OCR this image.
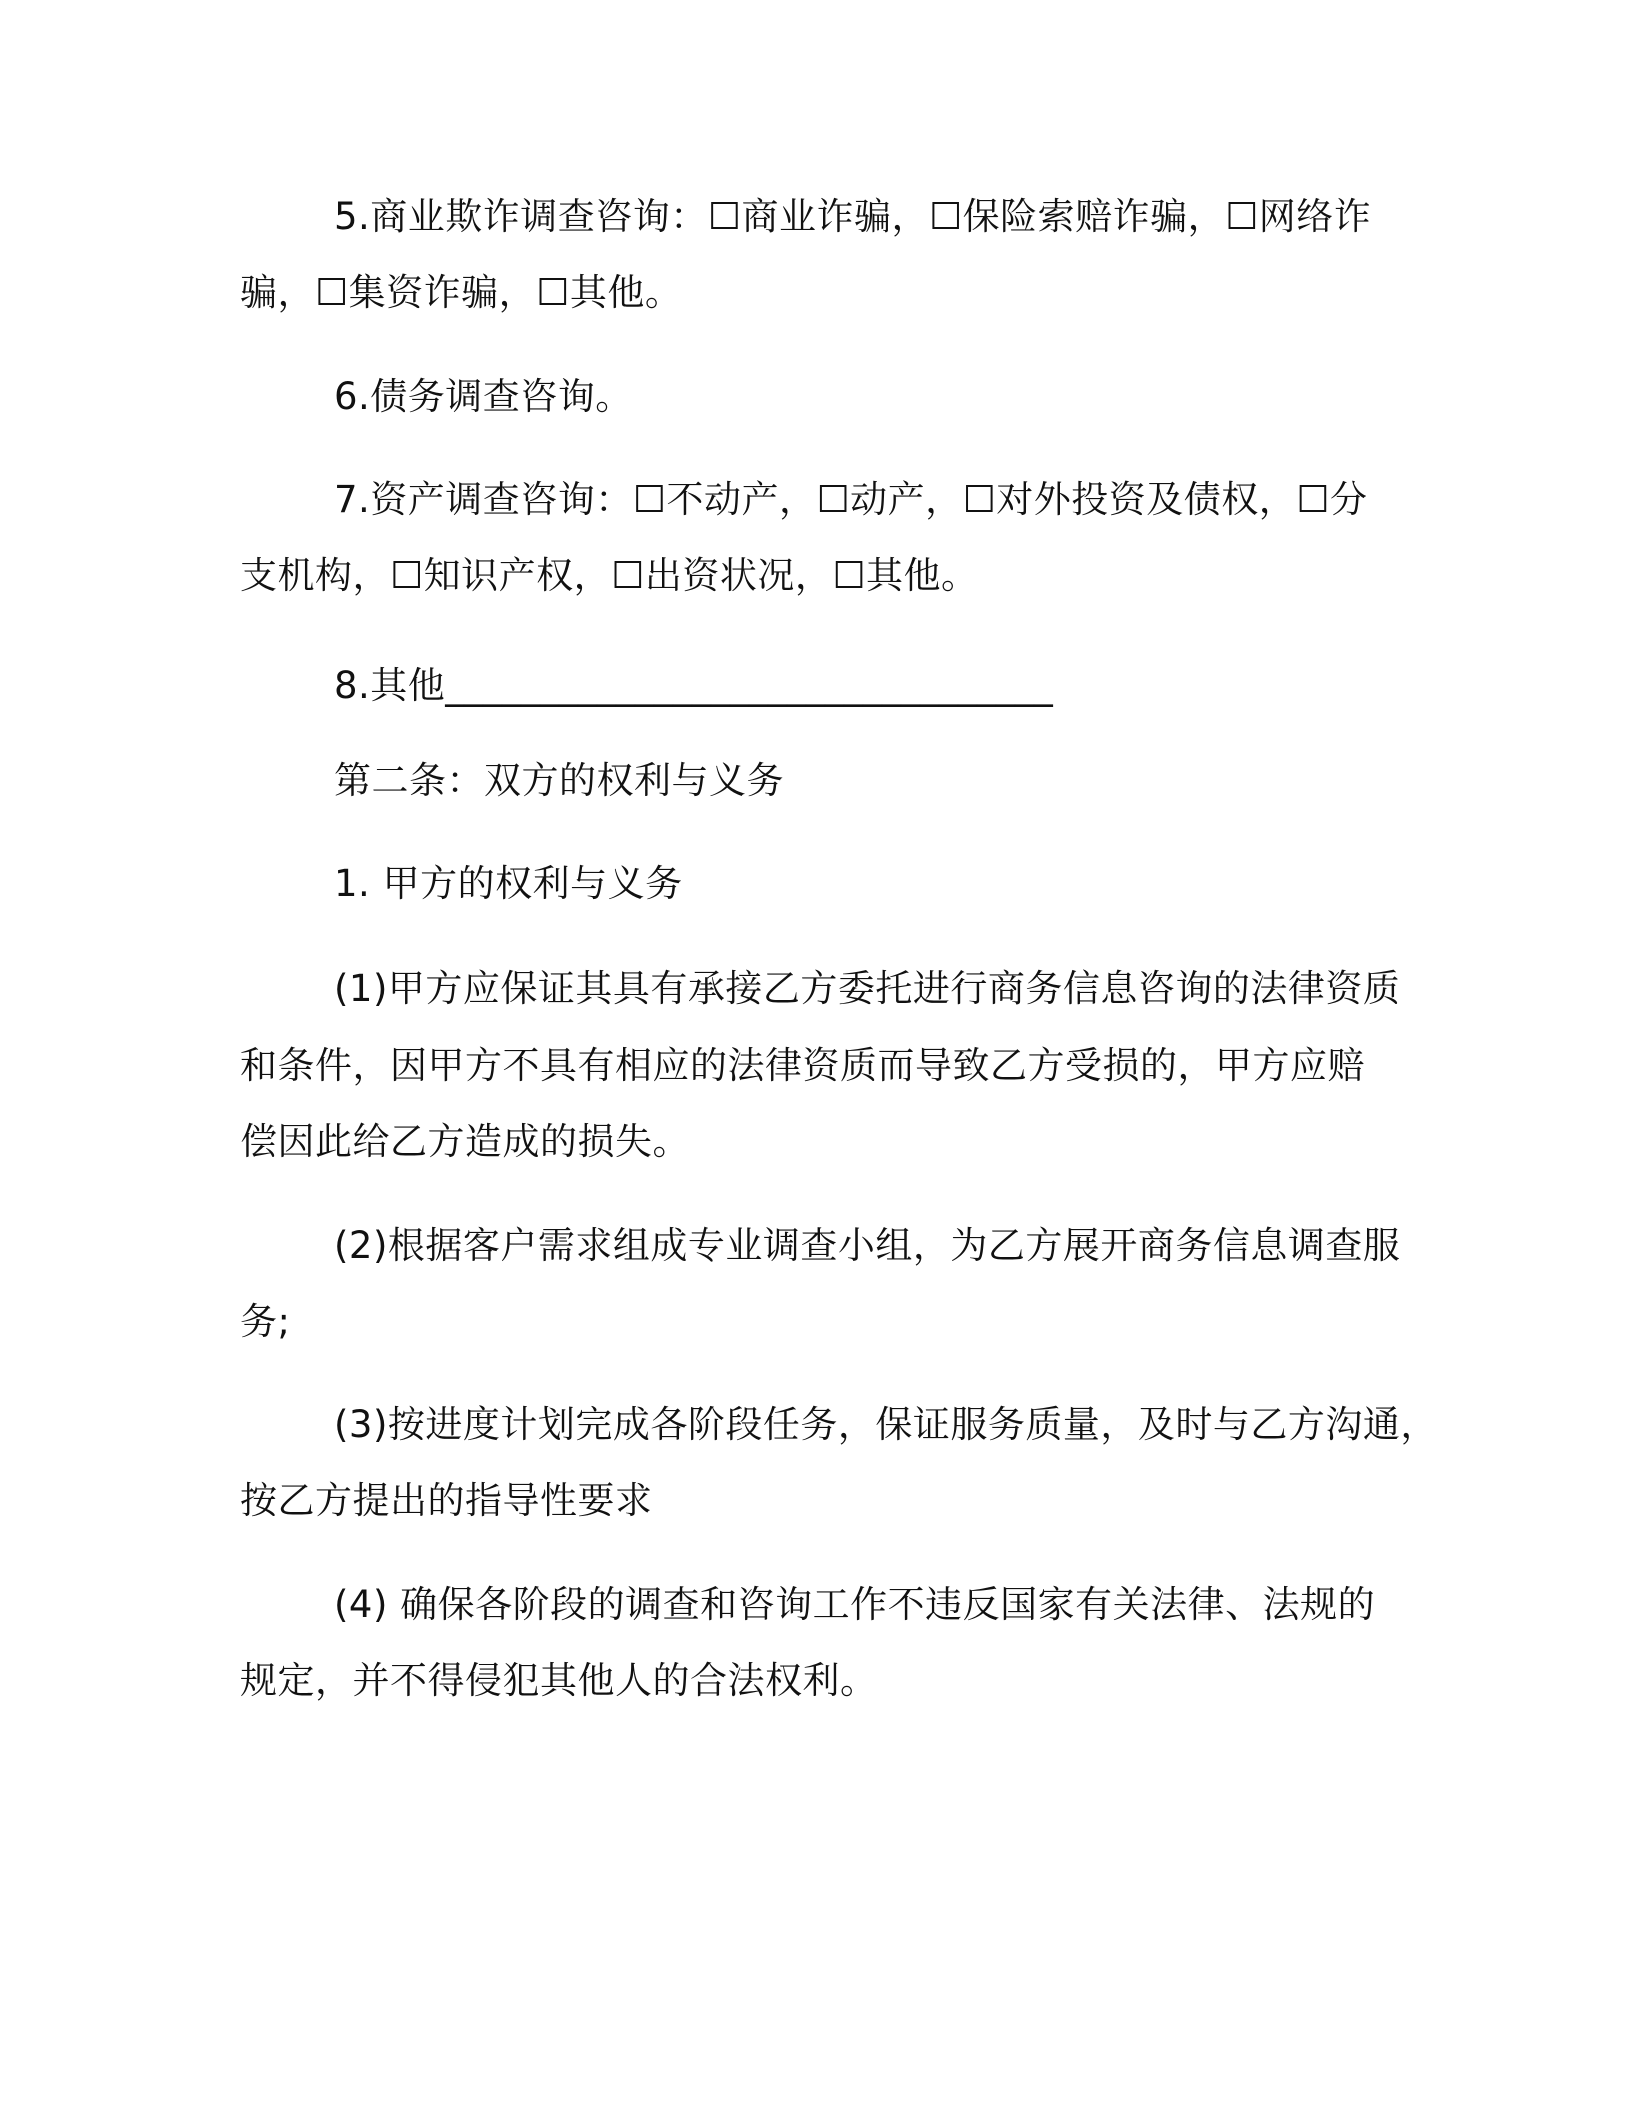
5.商业欺诈调查咨询：☐商业诈骗，☐保险索赔诈骗，☐网络诈
骗，☐集资诈骗，☐其他。
6.债务调查咨询。
7.资产调查咨询：☐不动产，☐动产，☐对外投资及债权，☐分
支机构，☐知识产权，☐出资状况，☐其他。
8.其他________________________________
第二条：双方的权利与义务
1. 甲方的权利与义务
(1)甲方应保证其具有承接乙方委托进行商务信息咨询的法律资质
和条件，因甲方不具有相应的法律资质而导致乙方受损的，甲方应赔
偿因此给乙方造成的损失。
(2)根据客户需求组成专业调查小组，为乙方展开商务信息调查服
务;
(3)按进度计划完成各阶段任务，保证服务质量，及时与乙方沟通，
按乙方提出的指导性要求
(4) 确保各阶段的调查和咨询工作不违反国家有关法律、法规的
规定，并不得侵犯其他人的合法权利。
